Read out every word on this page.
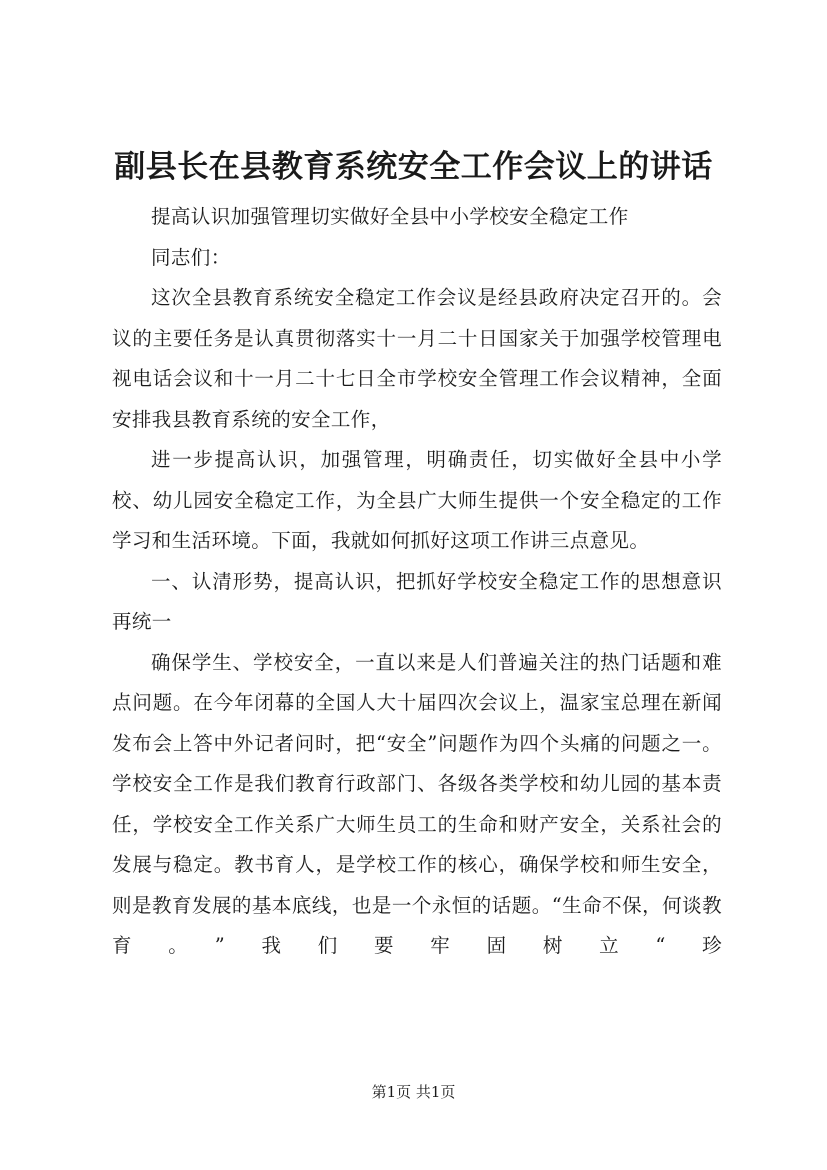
副县长在县教育系统安全工作会议上的讲话

提高认识加强管理切实做好全县中小学校安全稳定工作

同志们：

这次全县教育系统安全稳定工作会议是经县政府决定召开的。会议的主要任务是认真贯彻落实十一月二十日国家关于加强学校管理电视电话会议和十一月二十七日全市学校安全管理工作会议精神，全面安排我县教育系统的安全工作，

进一步提高认识，加强管理，明确责任，切实做好全县中小学校、幼儿园安全稳定工作，为全县广大师生提供一个安全稳定的工作学习和生活环境。下面，我就如何抓好这项工作讲三点意见。

一、认清形势，提高认识，把抓好学校安全稳定工作的思想意识再统一

确保学生、学校安全，一直以来是人们普遍关注的热门话题和难点问题。在今年闭幕的全国人大十届四次会议上，温家宝总理在新闻发布会上答中外记者问时，把“安全”问题作为四个头痛的问题之一。学校安全工作是我们教育行政部门、各级各类学校和幼儿园的基本责任，学校安全工作关系广大师生员工的生命和财产安全，关系社会的发展与稳定。教书育人，是学校工作的核心，确保学校和师生安全，则是教育发展的基本底线，也是一个永恒的话题。“生命不保，何谈教育。”我们要牢固树立“珍

第1页 共1页
